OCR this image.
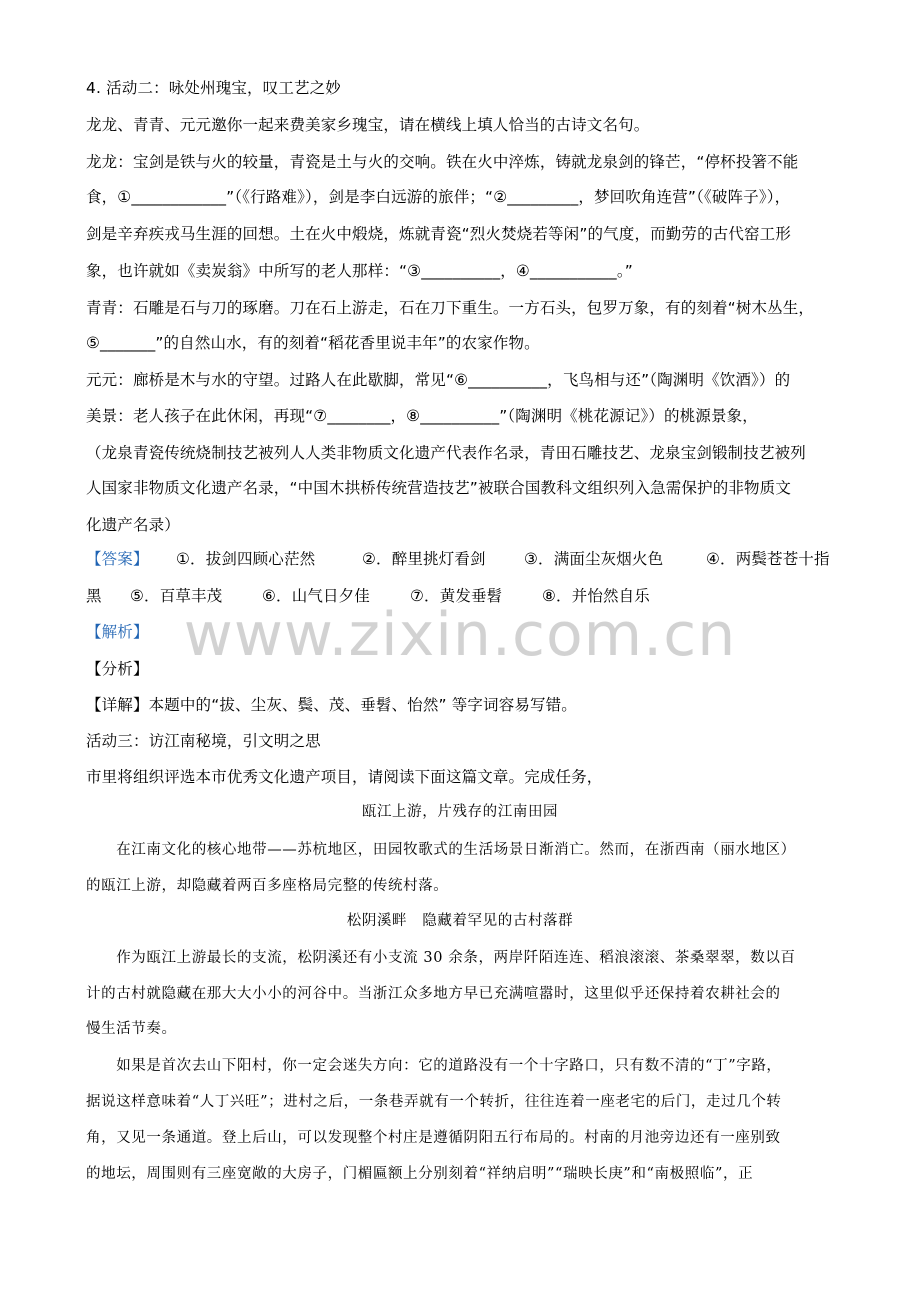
4. 活动二：咏处州瑰宝，叹工艺之妙
龙龙、青青、元元邀你一起来费美家乡瑰宝，请在横线上填人恰当的古诗文名句。
龙龙：宝剑是铁与火的较量，青瓷是土与火的交响。铁在火中淬炼，铸就龙泉剑的锋芒，“停杯投箸不能
食，①____________”（《行路难》），剑是李白远游的旅伴；“②_________，梦回吹角连营”（《破阵子》），
剑是辛弃疾戎马生涯的回想。土在火中煅烧，炼就青瓷“烈火焚烧若等闲”的气度，而勤劳的古代窑工形
象，也许就如《卖炭翁》中所写的老人那样：“③__________，④___________。”
青青：石雕是石与刀的琢磨。刀在石上游走，石在刀下重生。一方石头，包罗万象，有的刻着“树木丛生，
⑤_______”的自然山水，有的刻着“稻花香里说丰年”的农家作物。
元元：廊桥是木与水的守望。过路人在此歇脚，常见“⑥__________，飞鸟相与还”（陶渊明《饮酒》）的
美景：老人孩子在此休闲，再现“⑦________，⑧__________”（陶渊明《桃花源记》）的桃源景象，
（龙泉青瓷传统烧制技艺被列人人类非物质文化遗产代表作名录，青田石雕技艺、龙泉宝剑锻制技艺被列
人国家非物质文化遗产名录，“中国木拱桥传统营造技艺”被联合国教科文组织列入急需保护的非物质文
化遗产名录）
【答案】 ①．拔剑四顾心茫然	②．醉里挑灯看剑 ③．满面尘灰烟火色	④．两鬓苍苍十指
黑 ⑤．百草丰茂	⑥．山气日夕佳	⑦．黄发垂髫	⑧．并怡然自乐
【解析】
【分析】
【详解】本题中的“拔、尘灰、鬓、茂、垂髫、怡然” 等字词容易写错。
活动三：访江南秘境，引文明之思
市里将组织评选本市优秀文化遗产项目，请阅读下面这篇文章。完成任务，
瓯江上游，片残存的江南田园
　　在江南文化的核心地带——苏杭地区，田园牧歌式的生活场景日渐消亡。然而，在浙西南（丽水地区）
的瓯江上游，却隐藏着两百多座格局完整的传统村落。
松阴溪畔　隐藏着罕见的古村落群
　　作为瓯江上游最长的支流，松阴溪还有小支流 30 余条，两岸阡陌连连、稻浪滚滚、茶桑翠翠，数以百
计的古村就隐藏在那大大小小的河谷中。当浙江众多地方早已充满喧嚣时，这里似乎还保持着农耕社会的
慢生活节奏。
　　如果是首次去山下阳村，你一定会迷失方向：它的道路没有一个十字路口，只有数不清的“丁”字路，
据说这样意味着“人丁兴旺”；进村之后，一条巷弄就有一个转折，往往连着一座老宅的后门，走过几个转
角，又见一条通道。登上后山，可以发现整个村庄是遵循阴阳五行布局的。村南的月池旁边还有一座别致
的地坛，周围则有三座宽敞的大房子，门楣匾额上分别刻着“祥纳启明”“瑞映长庚”和“南极照临”，正
www.zixin.com.cn
